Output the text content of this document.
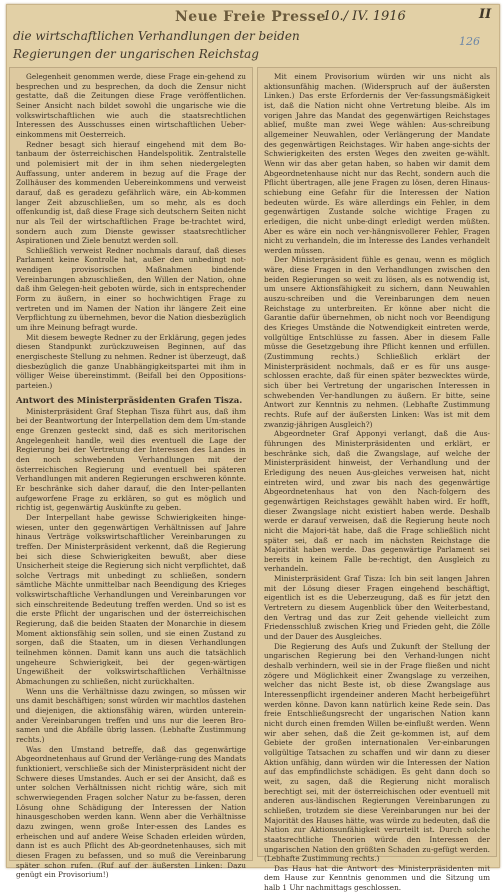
Neue Freie Presse
10./ IV. 1916	II
126
die wirtschaftlichen Verhandlungen der beiden
Regierungen der ungarischen Reichstag

Gelegenheit genommen werde, diese Frage ein-gehend zu besprechen und zu besprechen, da doch die Zensur nicht gestatte, daß die Zeitungen diese Frage veröffentlichen. Seiner Ansicht nach bildet sowohl die ungarische wie die volkswirtschaftlichen wie auch die staatsrechtlichen Interessen des Ausschusses einen wirtschaftlichen Ueber-einkommens mit Oesterreich.

Redner besagt sich hierauf eingehend mit dem Bo-tanbaum der österreichischen Handelspolitik. Zentralstelle und polemisiert mit der in ihm sehen niedergelegten Auffassung, unter anderem in bezug auf die Frage der Zollhäuser des kommenden Uebereinkommens und verweist darauf, daß es geradezu gefährlich wäre, ein Ab-kommen langer Zeit abzuschließen, um so mehr, als es doch offenkundig ist, daß diese Frage sich deutschern Seiten nicht nur als Teil der wirtschaftlichen Frage be-trachtet wird, sondern auch zum Dienste gewisser staatsrechtlicher Aspirationen und Ziele benutzt werden soll.

Schließlich verweist Redner nochmals darauf, daß dieses Parlament keine Kontrolle hat, außer den unbedingt not-wendigen provisorischen Maßnahmen bindende Vereinbarungen abzuschließen, den Willen der Nation, ohne daß ihm Gelegen-heit geboten würde, sich in entsprechender Form zu äußern, in einer so hochwichtigen Frage zu vertreten und im Namen der Nation ihr längere Zeit eine Verpflichtung zu übernehmen, bevor die Nation diesbezüglich um ihre Meinung befragt wurde.

Mit diesem bewegte Redner zu der Erklärung, gegen jedes diesen Standpunkt zurückzuweisen Beginnen, auf das energischeste Stellung zu nehmen. Redner ist überzeugt, daß diesbezüglich die ganze Unabhängigkeitspartei mit ihm in völliger Weise übereinstimmt. (Beifall bei den Oppositions-parteien.)

Antwort des Ministerpräsidenten Grafen Tisza.

Ministerpräsident Graf Stephan Tisza führt aus, daß ihm bei der Beantwortung der Interpellation dem dem Um-stande enge Grenzen gesteckt sind, daß es sich meritorischen Angelegenheit handle, weil dies eventuell die Lage der Regierung bei der Vertretung der Interessen des Landes in den noch schwebenden Verhandlungen mit der österreichischen Regierung und eventuell bei späteren Verhandlungen mit anderen Regierungen erschweren könnte. Er beschränke sich daher darauf, die den Inter-pellanten aufgeworfene Frage zu erklären, so gut es möglich und richtig ist, gegenwärtig Auskünfte zu geben.

Der Interpellant habe gewisse Schwierigkeiten hinge-wiesen, unter den gegenwärtigen Verhältnissen auf Jahre hinaus Verträge volkswirtschaftlicher Vereinbarungen zu treffen. Der Ministerpräsident verkennt, daß die Regierung bei sich diese Schwierigkeiten bewußt, aber diese Unsicherheit steige die Regierung sich nicht verpflichtet, daß solche Vertrags mit unbedingt zu schließen, sondern sämtliche Mächte unmittelbar nach Beendigung des Krieges volkswirtschaftliche Verhandlungen und Vereinbarungen vor sich einschreitende Bedeutung treffen werden. Und so ist es die erste Pflicht der ungarischen und der österreichischen Regierung, daß die beiden Staaten der Monarchie in diesem Moment aktionsfähig sein sollen, und sie einen Zustand zu sorgen, daß die Staaten, um in diesen Verhandlungen teilnehmen können. Damit kann uns auch die tatsächlich ungeheure Schwierigkeit, bei der gegen-wärtigen Ungewißheit der volkswirtschaftlichen Verhältnisse Abmachungen zu schließen, nicht zurückhalten.

Wenn uns die Verhältnisse dazu zwingen, so müssen wir uns damit beschäftigen; sonst würden wir machtlos dastehen und diejenigen, die aktionsfähig wären, würden unterein-ander Vereinbarungen treffen und uns nur die leeren Bro-samen und die Abfälle übrig lassen. (Lebhafte Zustimmung rechts.)

Was den Umstand betreffe, daß das gegenwärtige Abgeordnetenhaus auf Grund der Verlänge-rung des Mandats funktioniert, verschließe sich der Ministerpräsident nicht der Schwere dieses Umstandes. Auch er sei der Ansicht, daß es unter solchen Verhältnissen nicht richtig wäre, sich mit schwerwiegenden Fragen solcher Natur zu be-fassen, deren Lösung ohne Schädigung der Interessen der Nation hinausgeschoben werden kann. Wenn aber die Verhältnisse dazu zwingen, wenn große Inter-essen des Landes es erheischen und auf andere Weise Schaden erleiden würden, dann ist es auch Pflicht des Ab-geordnetenhauses, sich mit diesen Fragen zu befassen, und so muß die Vereinbarung später schon rufen. (Ruf auf der äußersten Linken: Dazu genügt ein Provisorium!)

Mit einem Provisorium würden wir uns nicht als aktionsunfähig machen. (Widerspruch auf der äußersten Linken.) Das erste Erfordernis der Ver-fassungsmäßigkeit ist, daß die Nation nicht ohne Vertretung bleibe. Als im vorigen Jahre das Mandat des gegenwärtigen Reichstages ablief, mußte man zwei Wege wählen: Aus-schreibung allgemeiner Neuwahlen, oder Verlängerung der Mandate des gegenwärtigen Reichstages. Wir haben ange-sichts der Schwierigkeiten des ersten Weges den zweiten ge-wählt. Wenn wir das aber getan haben, so haben wir damit dem Abgeordnetenhause nicht nur das Recht, sondern auch die Pflicht übertragen, alle jene Fragen zu lösen, deren Hinaus-schiebung eine Gefahr für die Interessen der Nation bedeuten würde. Es wäre allerdings ein Fehler, in dem gegenwärtigen Zustande solche wichtige Fragen zu erledigen, die nicht unbe-dingt erledigt werden müßten. Aber es wäre ein noch ver-hängnisvollerer Fehler, Fragen nicht zu verhandeln, die im Interesse des Landes verhandelt werden müssen.

Der Ministerpräsident fühle es genau, wenn es möglich wäre, diese Fragen in den Verhandlungen zwischen den beiden Regierungen so weit zu lösen, als es notwendig ist, um unsere Aktionsfähigkeit zu sichern, dann Neuwahlen auszu-schreiben und die Vereinbarungen dem neuen Reichstage zu unterbreiten. Er könne aber nicht die Garantie dafür übernehmen, ob nicht noch vor Beendigung des Krieges Umstände die Notwendigkeit eintreten werde, vollgültige Entschlüsse zu fassen. Aber in diesem Falle müsse die Gesetzgebung ihre Pflicht kennen und erfüllen. (Zustimmung rechts.) Schließlich erklärt der Ministerpräsident nochmals, daß er es für uns ausge-schlossen erachte, daß für einen später bezwecktes würde, sich über bei Vertretung der ungarischen Interessen in schwebenden Ver-handlungen zu äußern. Er bitte, seine Antwort zur Kenntnis zu nehmen. (Lebhafte Zustimmung rechts. Rufe auf der äußersten Linken: Was ist mit dem zwanzig-jährigen Ausgleich?)

Abgeordneter Graf Apponyi verlangt, daß die Aus-führungen des Ministerpräsidenten und erklärt, er beschränke sich, daß die Zwangslage, auf welche der Ministerpräsident hinweist, der Verhandlung und der Erledigung des neuen Aus-gleiches verweisen hat, nicht eintreten wird, und zwar bis nach des gegenwärtige Abgeordnetenhaus hat von den Nach-folgern des gegenwärtigen Reichstages gewählt haben wird. Er hofft, dieser Zwangslage nicht existiert haben werde. Deshalb werde er darauf verweisen, daß die Regierung heute noch nicht die Majori-tät habe, daß die Frage schließlich nicht später sei, daß er nach im nächsten Reichstage die Majorität haben werde. Das gegenwärtige Parlament sei bereits in keinem Falle be-rechtigt, den Ausgleich zu verhandeln.

Ministerpräsident Graf Tisza: Ich bin seit langen Jahren mit der Lösung dieser Fragen eingehend beschäftigt, eigentlich ist es die Ueberzeugung, daß es für jetzt den Vertretern zu diesem Augenblick über den Weiterbestand, den Vertrag und das zur Zeit gehende vielleicht zum Friedensschluß zwischen Krieg und Frieden geht, die Zölle und der Dauer des Ausgleiches.

Die Regierung des Aufs und Zukunft der Stellung der ungarischen Regierung bei den Verhand-lungen nicht deshalb verhindern, weil sie in der Frage fließen und nicht zögere und Möglichkeit einer Zwangslage zu verzeihen, welcher das nicht Beste ist, ob diese Zwangslage aus Interessenpflicht irgendeiner anderen Macht herbeigeführt werden könne. Davon kann natürlich keine Rede sein. Das freie Entschließungsrecht der ungarischen Nation kann nicht durch einen fremden Willen be-einflußt werden. Wenn wir aber sehen, daß die Zeit ge-kommen ist, auf dem Gebiete der großen internationalen Ver-einbarungen vollgültige Tatsachen zu schaffen und wir dann zu dieser Aktion unfähig, dann würden wir die Interessen der Nation auf das empfindlichste schädigen. Es geht dann doch so weit, zu sagen, daß die Regierung nicht moralisch berechtigt sei, mit der österreichischen oder eventuell mit anderen aus-ländischen Regierungen Vereinbarungen zu schließen, trotzdem sie diese Vereinbarungen nur bei der Majorität des Hauses hätte, was würde zu bedeuten, daß die Nation zur Aktionsunfähigkeit verurteilt ist. Durch solche staatsrechtliche Theorien würde den Interessen der ungarischen Nation den größten Schaden zu-gefügt werden. (Lebhafte Zustimmung rechts.)

Das Haus hat die Antwort des Ministerpräsidenten mit dem Hause zur Kenntnis genommen und die Sitzung um halb 1 Uhr nachmittags geschlossen.
